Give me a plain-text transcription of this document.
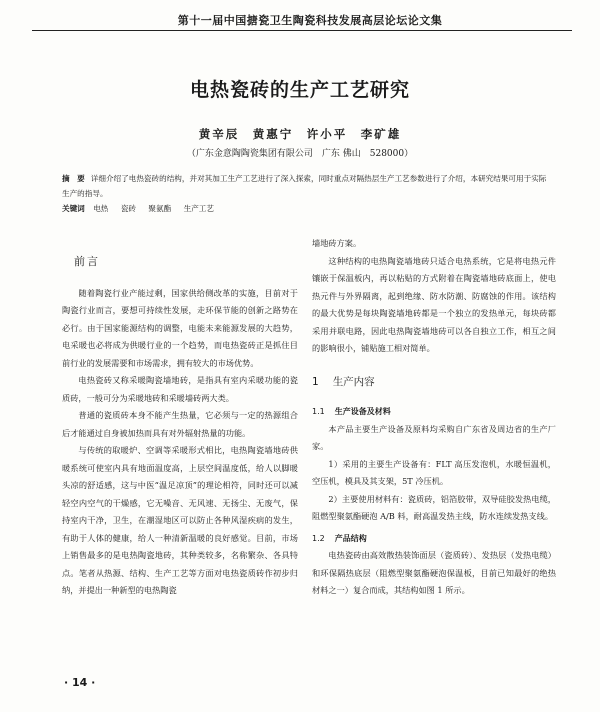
第十一届中国搪瓷卫生陶瓷科技发展高层论坛论文集
电热瓷砖的生产工艺研究
黄辛辰　黄惠宁　许小平　李矿雄
（广东金意陶陶瓷集团有限公司　广东 佛山　528000）
摘　要 详细介绍了电热瓷砖的结构，并对其加工生产工艺进行了深入探索，同时重点对隔热层生产工艺参数进行了介绍，本研究结果可用于实际生产的指导。
关键词 电热 瓷砖 聚氨酯 生产工艺
前言

随着陶瓷行业产能过剩，国家供给侧改革的实施，目前对于陶瓷行业而言，要想可持续性发展，走环保节能的创新之路势在必行。由于国家能源结构的调整，电能未来能源发展的大趋势，电采暖也必将成为供暖行业的一个趋势，而电热瓷砖正是抓住目前行业的发展需要和市场需求，拥有较大的市场优势。

电热瓷砖又称采暖陶瓷墙地砖，是指具有室内采暖功能的瓷质砖，一般可分为采暖地砖和采暖墙砖两大类。

普通的瓷质砖本身不能产生热量，它必须与一定的热源组合后才能通过自身被加热而具有对外辐射热量的功能。

与传统的取暖炉、空调等采暖形式相比，电热陶瓷墙地砖供暖系统可使室内具有地面温度高，上层空间温度低，给人以脚暖头凉的舒适感，这与中医“温足凉顶”的理论相符，同时还可以减轻空内空气的干燥感，它无噪音、无风速、无扬尘、无废气，保持室内干净，卫生，在潮湿地区可以防止各种风湿疾病的发生，有助于人体的健康，给人一种清新温暖的良好感觉。目前，市场上销售最多的是电热陶瓷地砖，其种类较多，名称繁杂、各具特点。笔者从热源、结构、生产工艺等方面对电热瓷质砖作初步归纳，并提出一种新型的电热陶瓷

墙地砖方案。

这种结构的电热陶瓷墙地砖只适合电热系统，它是将电热元件镶嵌于保温板内，再以粘贴的方式附着在陶瓷墙地砖底面上，使电热元件与外界隔离，起到绝缘、防水防潮、防腐蚀的作用。该结构的最大优势是每块陶瓷墙地砖都是一个独立的发热单元，每块砖都采用并联电路，因此电热陶瓷墙地砖可以各自独立工作，相互之间的影响很小，铺贴施工相对简单。

1 生产内容
1.1 生产设备及材料

本产品主要生产设备及原料均采购自广东省及周边省的生产厂家。

1）采用的主要生产设备有：FLT 高压发泡机，水暖恒温机，空压机，模具及其支架，5T 冷压机。

2）主要使用材料有：瓷质砖，铝箔胶带，双导硅胶发热电缆，阻燃型聚氨酯硬泡 A/B 料，耐高温发热主线，防水连续发热支线。

1.2 产品结构

电热瓷砖由高效散热装饰面层（瓷质砖）、发热层（发热电缆）和环保隔热底层（阻燃型聚氨酯硬泡保温板，目前已知最好的绝热材料之一）复合而成，其结构如图 1 所示。

· 14 ·
